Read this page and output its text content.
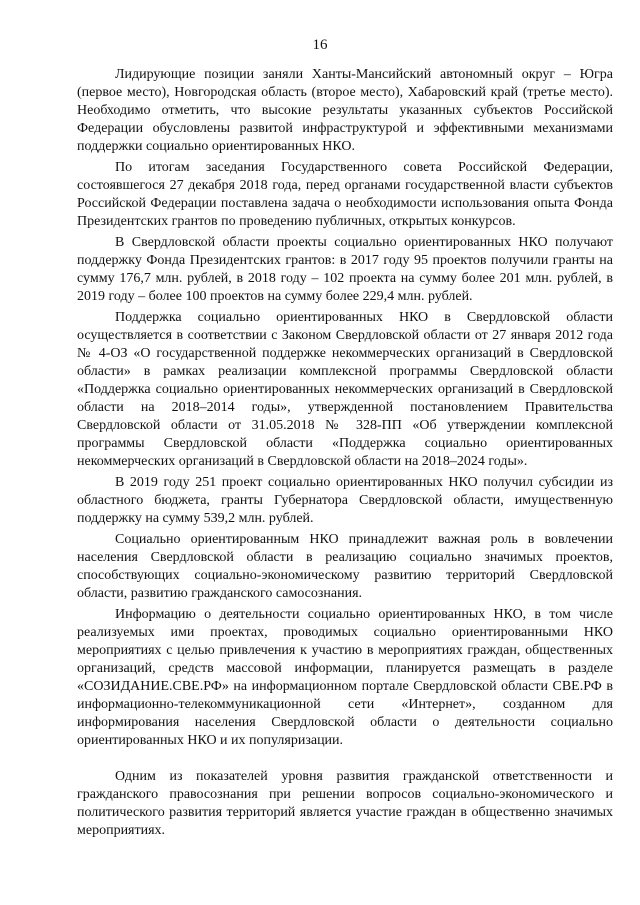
16

Лидирующие позиции заняли Ханты-Мансийский автономный округ – Югра (первое место), Новгородская область (второе место), Хабаровский край (третье место). Необходимо отметить, что высокие результаты указанных субъектов Российской Федерации обусловлены развитой инфраструктурой и эффективными механизмами поддержки социально ориентированных НКО.

По итогам заседания Государственного совета Российской Федерации, состоявшегося 27 декабря 2018 года, перед органами государственной власти субъектов Российской Федерации поставлена задача о необходимости использования опыта Фонда Президентских грантов по проведению публичных, открытых конкурсов.

В Свердловской области проекты социально ориентированных НКО получают поддержку Фонда Президентских грантов: в 2017 году 95 проектов получили гранты на сумму 176,7 млн. рублей, в 2018 году – 102 проекта на сумму более 201 млн. рублей, в 2019 году – более 100 проектов на сумму более 229,4 млн. рублей.

Поддержка социально ориентированных НКО в Свердловской области осуществляется в соответствии с Законом Свердловской области от 27 января 2012 года № 4-ОЗ «О государственной поддержке некоммерческих организаций в Свердловской области» в рамках реализации комплексной программы Свердловской области «Поддержка социально ориентированных некоммерческих организаций в Свердловской области на 2018–2014 годы», утвержденной постановлением Правительства Свердловской области от 31.05.2018 № 328-ПП «Об утверждении комплексной программы Свердловской области «Поддержка социально ориентированных некоммерческих организаций в Свердловской области на 2018–2024 годы».

В 2019 году 251 проект социально ориентированных НКО получил субсидии из областного бюджета, гранты Губернатора Свердловской области, имущественную поддержку на сумму 539,2 млн. рублей.

Социально ориентированным НКО принадлежит важная роль в вовлечении населения Свердловской области в реализацию социально значимых проектов, способствующих социально-экономическому развитию территорий Свердловской области, развитию гражданского самосознания.

Информацию о деятельности социально ориентированных НКО, в том числе реализуемых ими проектах, проводимых социально ориентированными НКО мероприятиях с целью привлечения к участию в мероприятиях граждан, общественных организаций, средств массовой информации, планируется размещать в разделе «СОЗИДАНИЕ.СВЕ.РФ» на информационном портале Свердловской области СВЕ.РФ в информационно-телекоммуникационной сети «Интернет», созданном для информирования населения Свердловской области о деятельности социально ориентированных НКО и их популяризации.

Одним из показателей уровня развития гражданской ответственности и гражданского правосознания при решении вопросов социально-экономического и политического развития территорий является участие граждан в общественно значимых мероприятиях.
